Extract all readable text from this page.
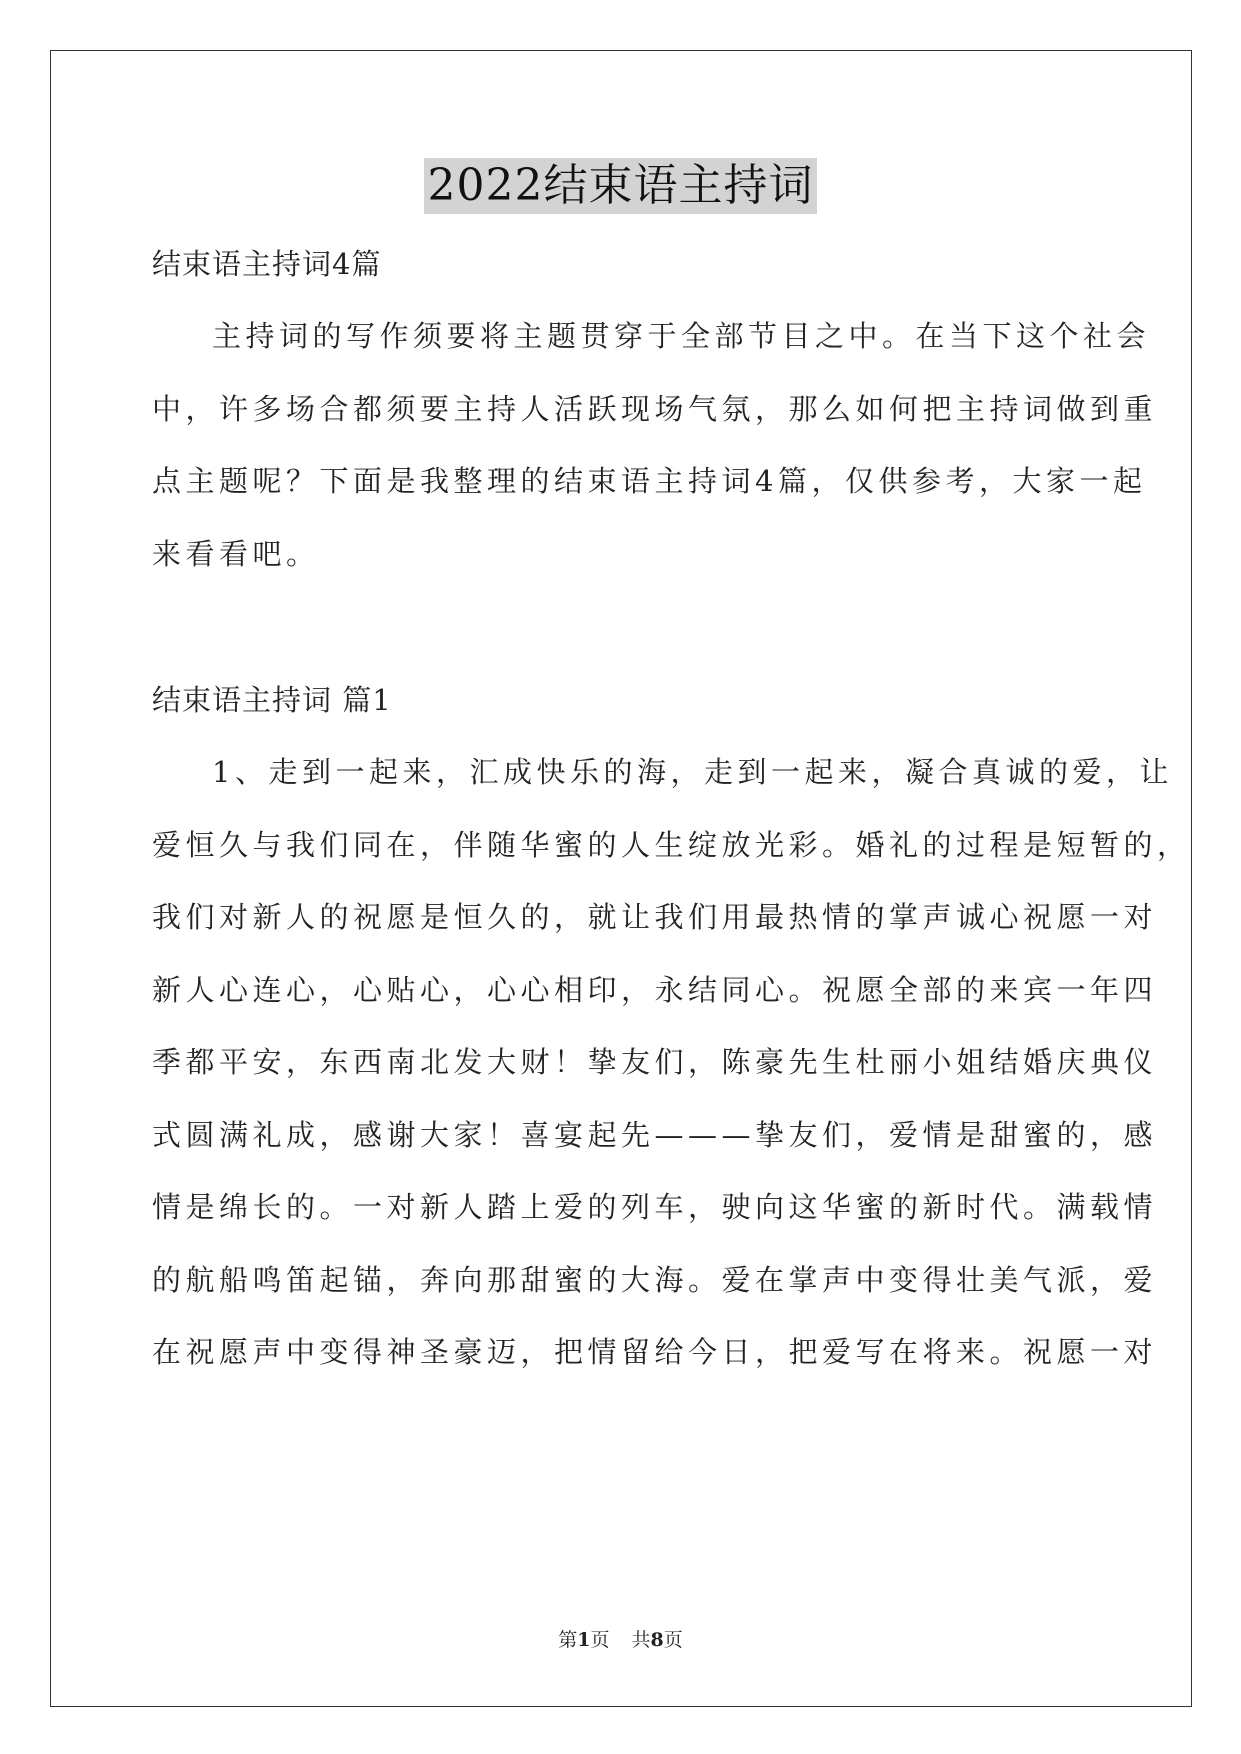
2022结束语主持词
结束语主持词4篇
主持词的写作须要将主题贯穿于全部节目之中。在当下这个社会
中，许多场合都须要主持人活跃现场气氛，那么如何把主持词做到重
点主题呢？下面是我整理的结束语主持词4篇，仅供参考，大家一起
来看看吧。
结束语主持词 篇1
1、走到一起来，汇成快乐的海，走到一起来，凝合真诚的爱，让
爱恒久与我们同在，伴随华蜜的人生绽放光彩。婚礼的过程是短暂的，
我们对新人的祝愿是恒久的，就让我们用最热情的掌声诚心祝愿一对
新人心连心，心贴心，心心相印，永结同心。祝愿全部的来宾一年四
季都平安，东西南北发大财！挚友们，陈豪先生杜丽小姐结婚庆典仪
式圆满礼成，感谢大家！喜宴起先———挚友们，爱情是甜蜜的，感
情是绵长的。一对新人踏上爱的列车，驶向这华蜜的新时代。满载情
的航船鸣笛起锚，奔向那甜蜜的大海。爱在掌声中变得壮美气派，爱
在祝愿声中变得神圣豪迈，把情留给今日，把爱写在将来。祝愿一对
第1页 共8页
